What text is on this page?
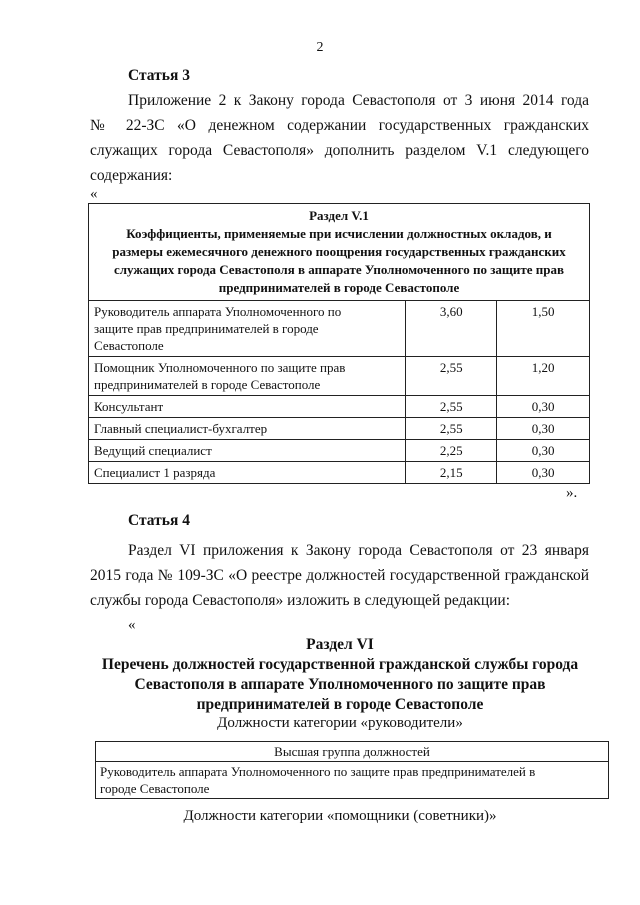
2
Статья 3
Приложение 2 к Закону города Севастополя от 3 июня 2014 года
№ 22-ЗС «О денежном содержании государственных гражданских
служащих города Севастополя» дополнить разделом V.1 следующего
содержания:
«
Раздел V.1
Коэффициенты, применяемые при исчислении должностных окладов, и
размеры ежемесячного денежного поощрения государственных гражданских
служащих города Севастополя в аппарате Уполномоченного по защите прав
предпринимателей в городе Севастополе		

Руководитель аппарата Уполномоченного по
защите прав предпринимателей в городе
Севастополе	3,60	1,50

Помощник Уполномоченного по защите прав
предпринимателей в городе Севастополе	2,55	1,20
Консультант	2,55	0,30
Главный специалист-бухгалтер	2,55	0,30
Ведущий специалист	2,25	0,30
Специалист 1 разряда	2,15	0,30
».
Статья 4
Раздел VI приложения к Закону города Севастополя от 23 января
2015 года № 109-ЗС «О реестре должностей государственной гражданской
службы города Севастополя» изложить в следующей редакции:
«
Раздел VI
Перечень должностей государственной гражданской службы города
Севастополя в аппарате Уполномоченного по защите прав
предпринимателей в городе Севастополе
Должности категории «руководители»
Высшая группа должностей

Руководитель аппарата Уполномоченного по защите прав предпринимателей в
городе Севастополе
Должности категории «помощники (советники)»
